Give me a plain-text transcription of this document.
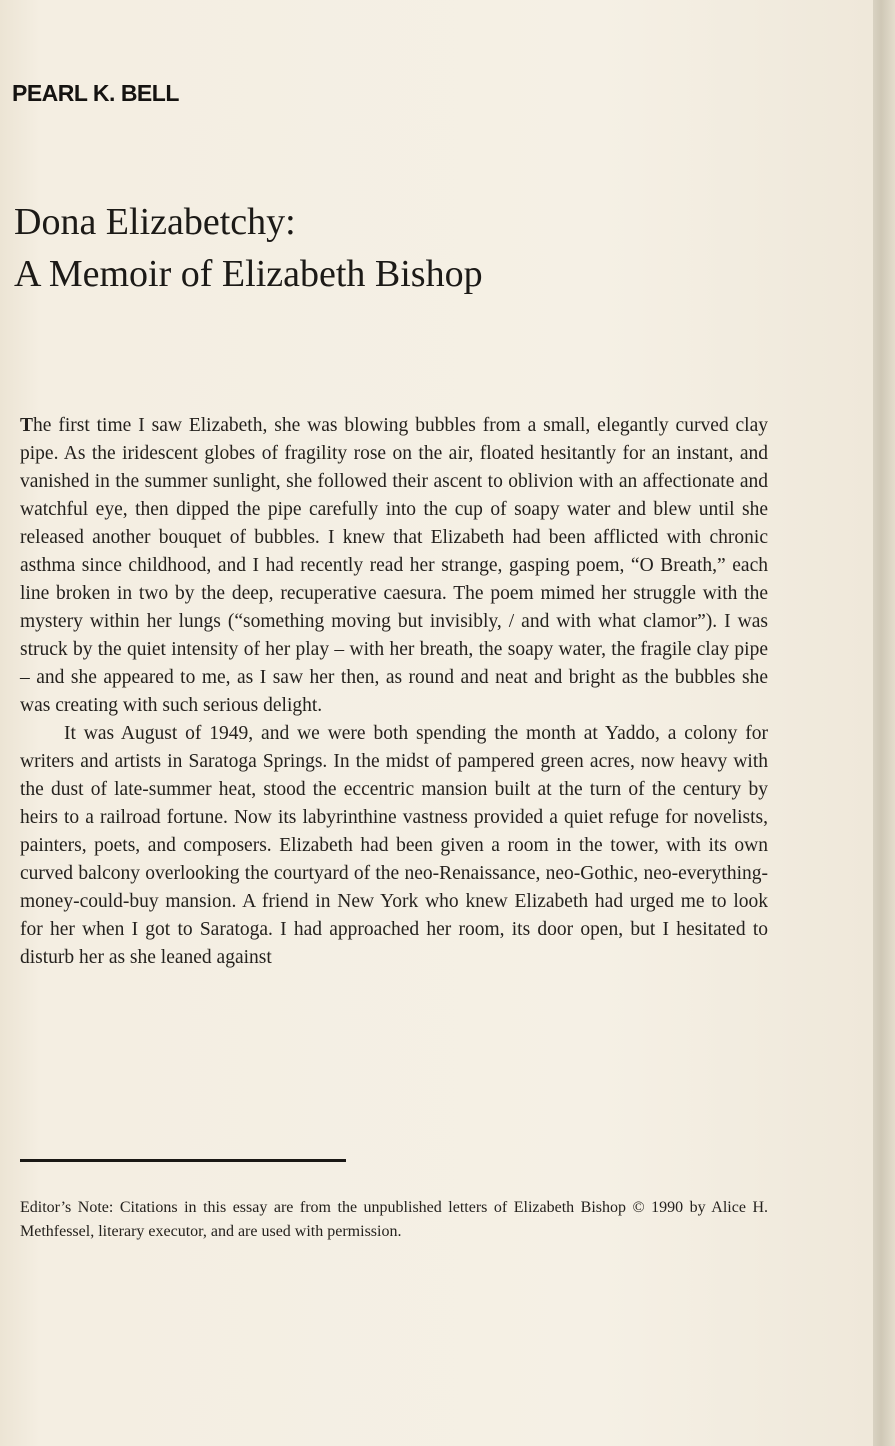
PEARL K. BELL
Dona Elizabetchy:
A Memoir of Elizabeth Bishop

The first time I saw Elizabeth, she was blowing bubbles from a small, elegantly curved clay pipe. As the iridescent globes of fragility rose on the air, floated hesitantly for an instant, and vanished in the summer sunlight, she followed their ascent to oblivion with an affectionate and watchful eye, then dipped the pipe carefully into the cup of soapy water and blew until she released another bouquet of bubbles. I knew that Elizabeth had been afflicted with chronic asthma since childhood, and I had recently read her strange, gasping poem, “O Breath,” each line broken in two by the deep, recuperative caesura. The poem mimed her struggle with the mystery within her lungs (“something moving but invisibly, / and with what clamor”). I was struck by the quiet intensity of her play – with her breath, the soapy water, the fragile clay pipe – and she appeared to me, as I saw her then, as round and neat and bright as the bubbles she was creating with such serious delight.

It was August of 1949, and we were both spending the month at Yaddo, a colony for writers and artists in Saratoga Springs. In the midst of pampered green acres, now heavy with the dust of late-summer heat, stood the eccentric mansion built at the turn of the century by heirs to a railroad fortune. Now its labyrinthine vastness provided a quiet refuge for novelists, painters, poets, and composers. Elizabeth had been given a room in the tower, with its own curved balcony overlooking the courtyard of the neo-Renaissance, neo-Gothic, neo-everything-money-could-buy mansion. A friend in New York who knew Elizabeth had urged me to look for her when I got to Saratoga. I had approached her room, its door open, but I hesitated to disturb her as she leaned against

Editor’s Note: Citations in this essay are from the unpublished letters of Elizabeth Bishop © 1990 by Alice H. Methfessel, literary executor, and are used with permission.
